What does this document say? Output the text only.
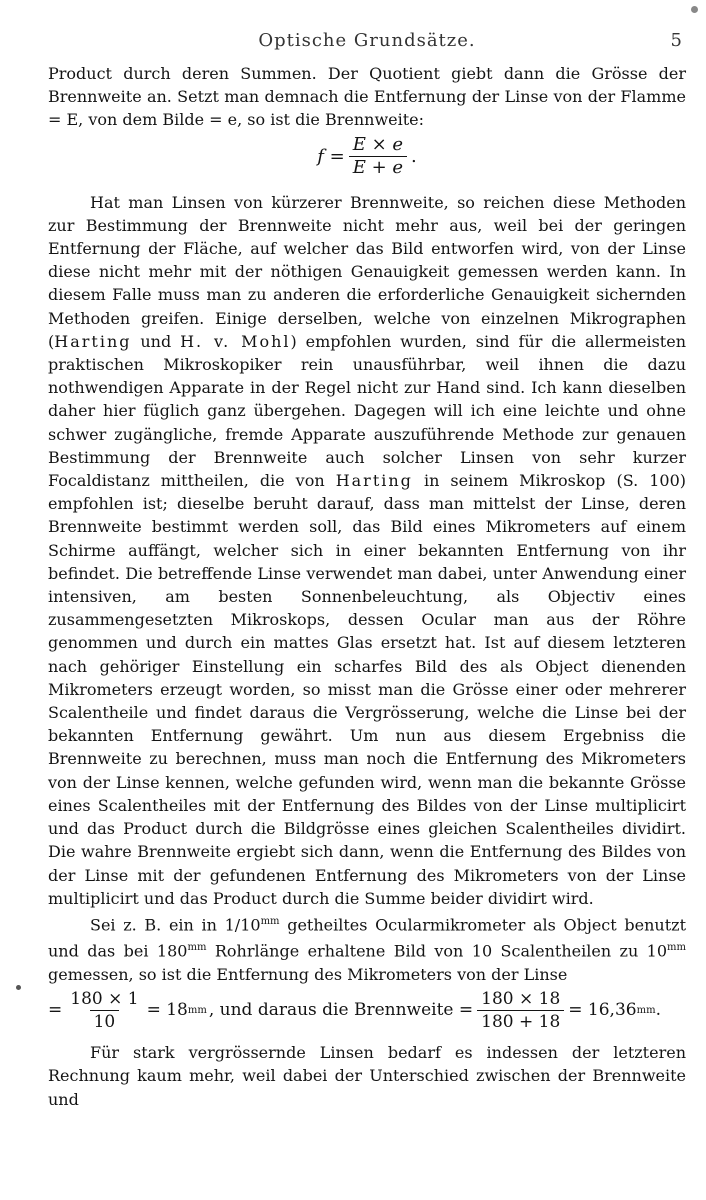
Optische Grundsätze.	5

Product durch deren Summen. Der Quotient giebt dann die Grösse der Brennweite an. Setzt man demnach die Entfernung der Linse von der Flamme = E, von dem Bilde = e, so ist die Brennweite:

$f = \frac{E \times e}{E + e}$ .

Hat man Linsen von kürzerer Brennweite, so reichen diese Methoden zur Bestimmung der Brennweite nicht mehr aus, weil bei der geringen Entfernung der Fläche, auf welcher das Bild entworfen wird, von der Linse diese nicht mehr mit der nöthigen Genauigkeit gemessen werden kann. In diesem Falle muss man zu anderen die erforderliche Genauigkeit sichernden Methoden greifen. Einige derselben, welche von einzelnen Mikrographen (Harting und H. v. Mohl) empfohlen wurden, sind für die allermeisten praktischen Mikroskopiker rein unausführbar, weil ihnen die dazu nothwendigen Apparate in der Regel nicht zur Hand sind. Ich kann dieselben daher hier füglich ganz übergehen. Dagegen will ich eine leichte und ohne schwer zugängliche, fremde Apparate auszuführende Methode zur genauen Bestimmung der Brennweite auch solcher Linsen von sehr kurzer Focaldistanz mittheilen, die von Harting in seinem Mikroskop (S. 100) empfohlen ist; dieselbe beruht darauf, dass man mittelst der Linse, deren Brennweite bestimmt werden soll, das Bild eines Mikrometers auf einem Schirme auffängt, welcher sich in einer bekannten Entfernung von ihr befindet. Die betreffende Linse verwendet man dabei, unter Anwendung einer intensiven, am besten Sonnenbeleuchtung, als Objectiv eines zusammengesetzten Mikroskops, dessen Ocular man aus der Röhre genommen und durch ein mattes Glas ersetzt hat. Ist auf diesem letzteren nach gehöriger Einstellung ein scharfes Bild des als Object dienenden Mikrometers erzeugt worden, so misst man die Grösse einer oder mehrerer Scalentheile und findet daraus die Vergrösserung, welche die Linse bei der bekannten Entfernung gewährt. Um nun aus diesem Ergebniss die Brennweite zu berechnen, muss man noch die Entfernung des Mikrometers von der Linse kennen, welche gefunden wird, wenn man die bekannte Grösse eines Scalentheiles mit der Entfernung des Bildes von der Linse multiplicirt und das Product durch die Bildgrösse eines gleichen Scalentheiles dividirt. Die wahre Brennweite ergiebt sich dann, wenn die Entfernung des Bildes von der Linse mit der gefundenen Entfernung des Mikrometers von der Linse multiplicirt und das Product durch die Summe beider dividirt wird.

Sei z. B. ein in $1/10^{mm}$ getheiltes Ocularmikrometer als Object benutzt und das bei $180^{mm}$ Rohrlänge erhaltene Bild von 10 Scalentheilen zu $10^{mm}$ gemessen, so ist die Entfernung des Mikrometers von der Linse

= $\frac{180 \times 1}{10} = 18$ mm , und daraus die Brennweite = $\frac{180 \times 18}{180 + 18} = 16,36$ mm .

Für stark vergrössernde Linsen bedarf es indessen der letzteren Rechnung kaum mehr, weil dabei der Unterschied zwischen der Brennweite und
